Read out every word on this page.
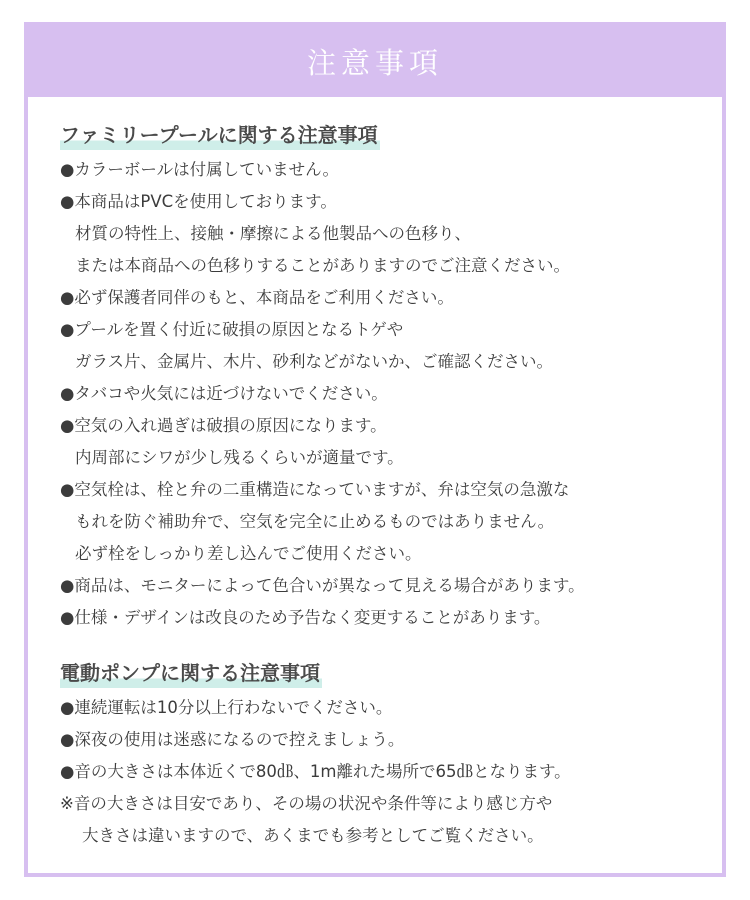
注意事項
ファミリープールに関する注意事項
●カラーボールは付属していません。
●本商品はPVCを使用しております。
材質の特性上、接触・摩擦による他製品への色移り、
または本商品への色移りすることがありますのでご注意ください。
●必ず保護者同伴のもと、本商品をご利用ください。
●プールを置く付近に破損の原因となるトゲや
ガラス片、金属片、木片、砂利などがないか、ご確認ください。
●タバコや火気には近づけないでください。
●空気の入れ過ぎは破損の原因になります。
内周部にシワが少し残るくらいが適量です。
●空気栓は、栓と弁の二重構造になっていますが、弁は空気の急激な
もれを防ぐ補助弁で、空気を完全に止めるものではありません。
必ず栓をしっかり差し込んでご使用ください。
●商品は、モニターによって色合いが異なって見える場合があります。
●仕様・デザインは改良のため予告なく変更することがあります。
電動ポンプに関する注意事項
●連続運転は10分以上行わないでください。
●深夜の使用は迷惑になるので控えましょう。
●音の大きさは本体近くで80㏈、1m離れた場所で65㏈となります。
※音の大きさは目安であり、その場の状況や条件等により感じ方や
大きさは違いますので、あくまでも参考としてご覧ください。
